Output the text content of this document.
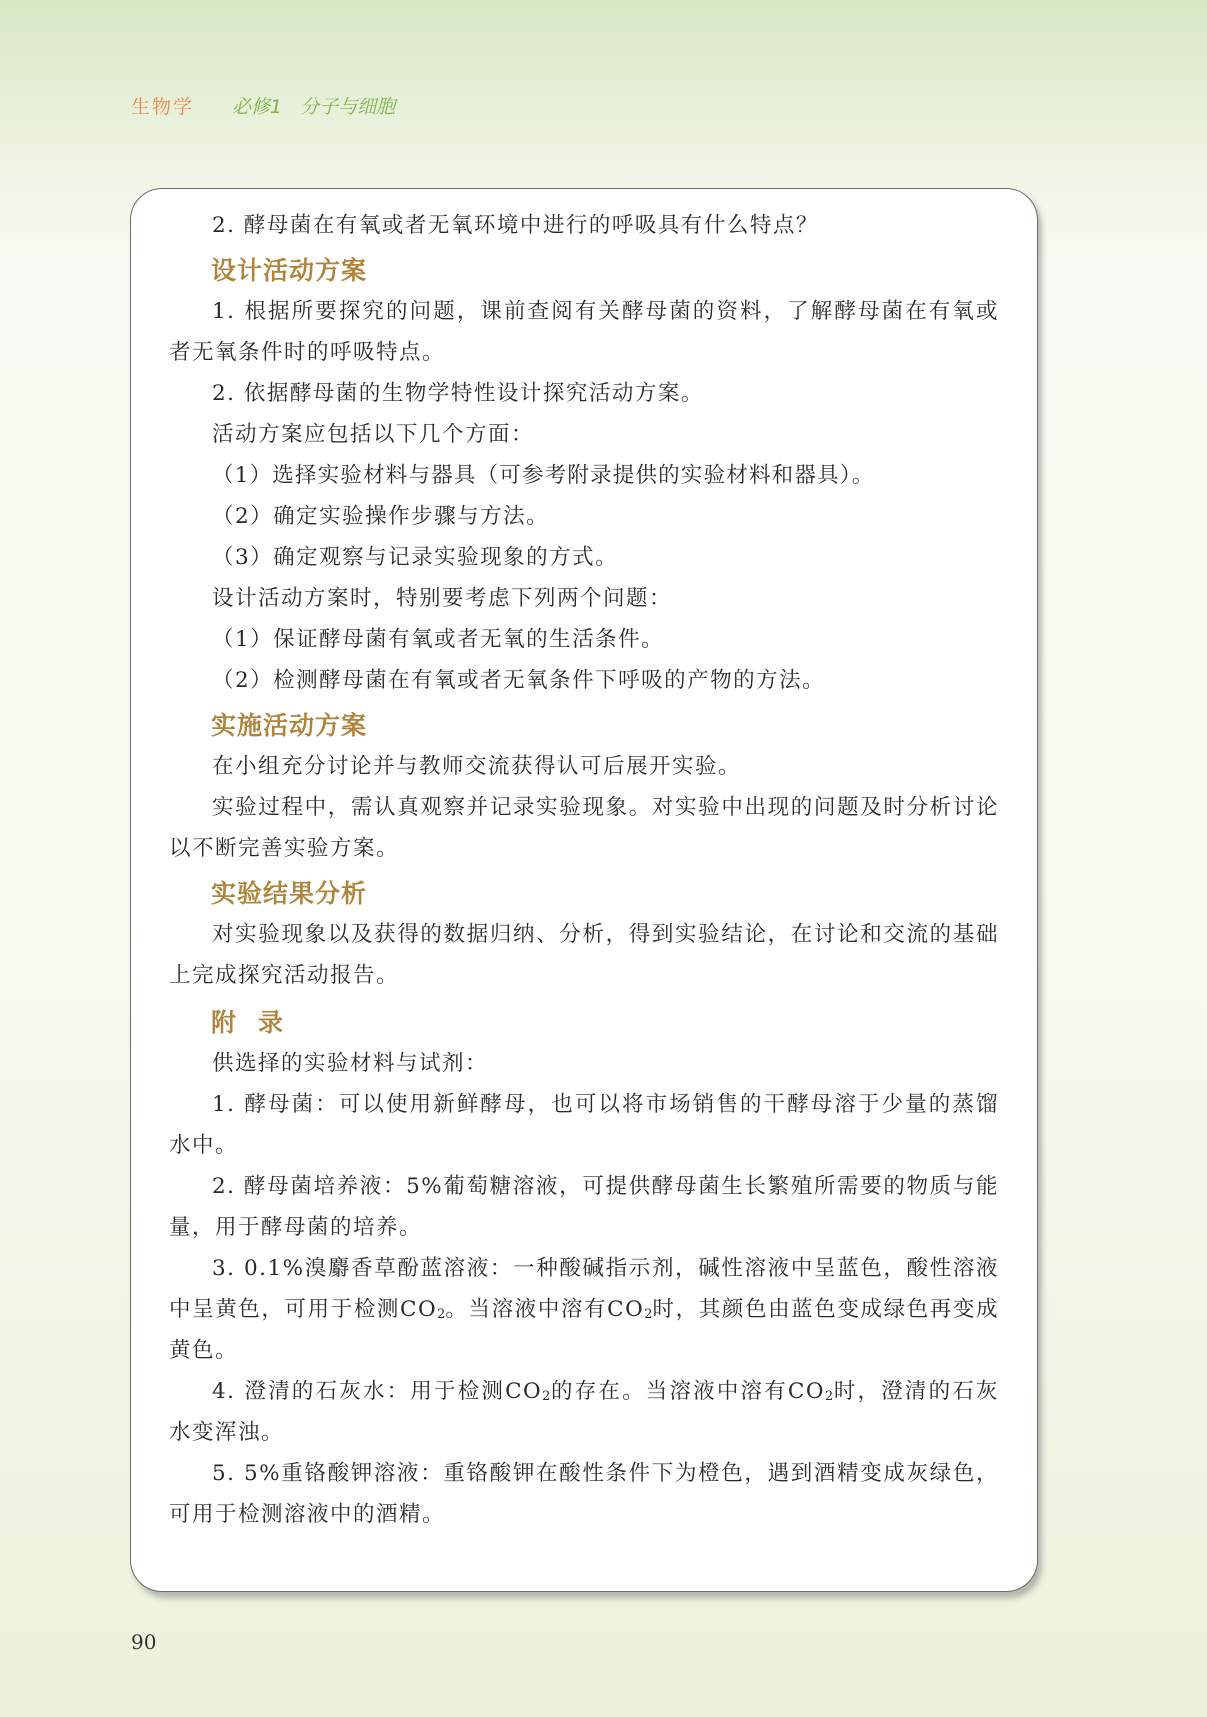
生物学 必修1 分子与细胞

2. 酵母菌在有氧或者无氧环境中进行的呼吸具有什么特点？

设计活动方案

1. 根据所要探究的问题，课前查阅有关酵母菌的资料，了解酵母菌在有氧或者无氧条件时的呼吸特点。

2. 依据酵母菌的生物学特性设计探究活动方案。

活动方案应包括以下几个方面：

（1）选择实验材料与器具（可参考附录提供的实验材料和器具）。

（2）确定实验操作步骤与方法。

（3）确定观察与记录实验现象的方式。

设计活动方案时，特别要考虑下列两个问题：

（1）保证酵母菌有氧或者无氧的生活条件。

（2）检测酵母菌在有氧或者无氧条件下呼吸的产物的方法。

实施活动方案

在小组充分讨论并与教师交流获得认可后展开实验。

实验过程中，需认真观察并记录实验现象。对实验中出现的问题及时分析讨论以不断完善实验方案。

实验结果分析

对实验现象以及获得的数据归纳、分析，得到实验结论，在讨论和交流的基础上完成探究活动报告。

附录

供选择的实验材料与试剂：

1. 酵母菌：可以使用新鲜酵母，也可以将市场销售的干酵母溶于少量的蒸馏水中。

2. 酵母菌培养液：5%葡萄糖溶液，可提供酵母菌生长繁殖所需要的物质与能量，用于酵母菌的培养。

3. 0.1%溴麝香草酚蓝溶液：一种酸碱指示剂，碱性溶液中呈蓝色，酸性溶液中呈黄色，可用于检测$CO_2$。当溶液中溶有$CO_2$时，其颜色由蓝色变成绿色再变成黄色。

4. 澄清的石灰水：用于检测$CO_2$的存在。当溶液中溶有$CO_2$时，澄清的石灰水变浑浊。

5. 5%重铬酸钾溶液：重铬酸钾在酸性条件下为橙色，遇到酒精变成灰绿色，可用于检测溶液中的酒精。

90
